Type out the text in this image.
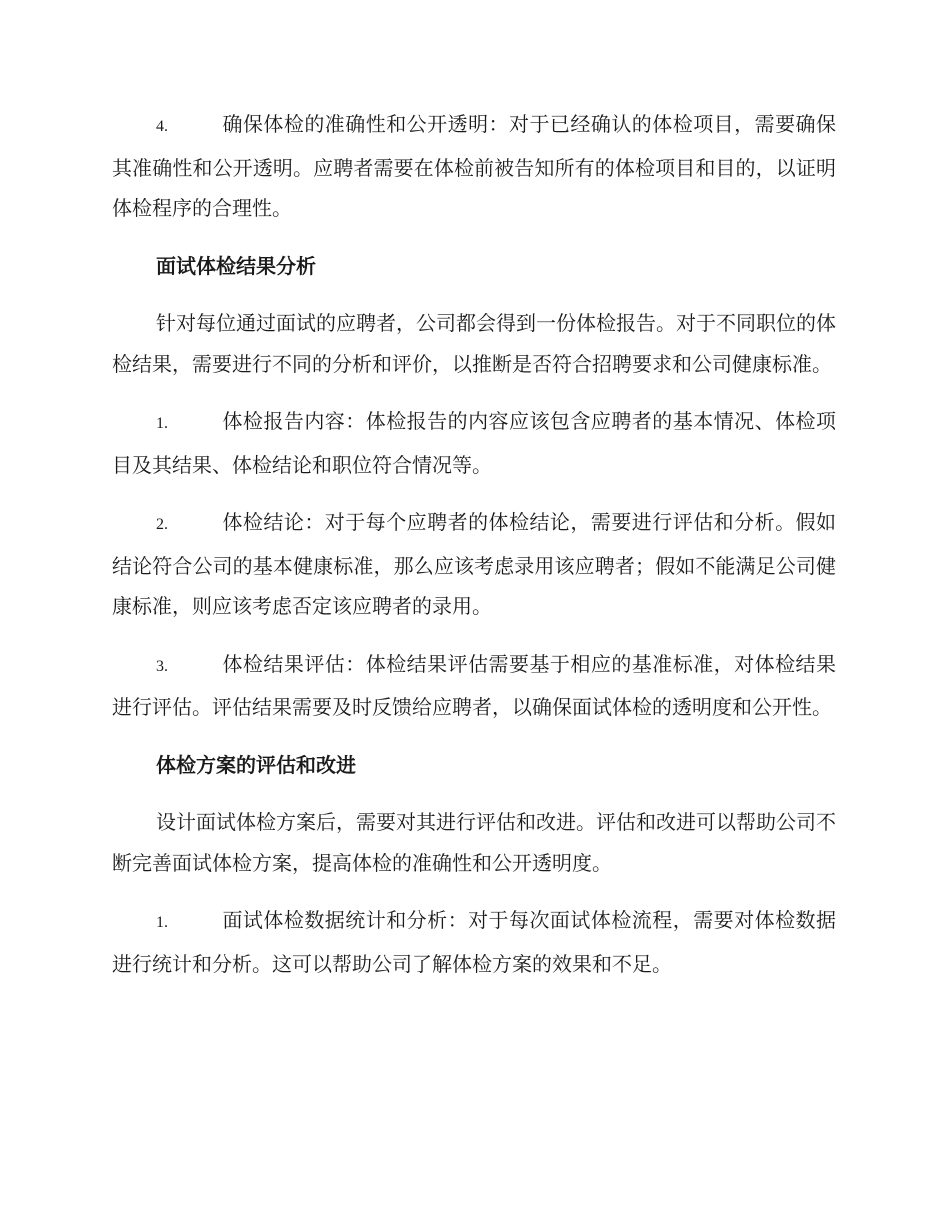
4.	确保体检的准确性和公开透明：对于已经确认的体检项目，需要确保其准确性和公开透明。应聘者需要在体检前被告知所有的体检项目和目的，以证明体检程序的合理性。

面试体检结果分析

针对每位通过面试的应聘者，公司都会得到一份体检报告。对于不同职位的体检结果，需要进行不同的分析和评价，以推断是否符合招聘要求和公司健康标准。

1.	体检报告内容：体检报告的内容应该包含应聘者的基本情况、体检项目及其结果、体检结论和职位符合情况等。

2.	体检结论：对于每个应聘者的体检结论，需要进行评估和分析。假如结论符合公司的基本健康标准，那么应该考虑录用该应聘者；假如不能满足公司健康标准，则应该考虑否定该应聘者的录用。

3.	体检结果评估：体检结果评估需要基于相应的基准标准，对体检结果进行评估。评估结果需要及时反馈给应聘者，以确保面试体检的透明度和公开性。

体检方案的评估和改进

设计面试体检方案后，需要对其进行评估和改进。评估和改进可以帮助公司不断完善面试体检方案，提高体检的准确性和公开透明度。

1.	面试体检数据统计和分析：对于每次面试体检流程，需要对体检数据进行统计和分析。这可以帮助公司了解体检方案的效果和不足。
